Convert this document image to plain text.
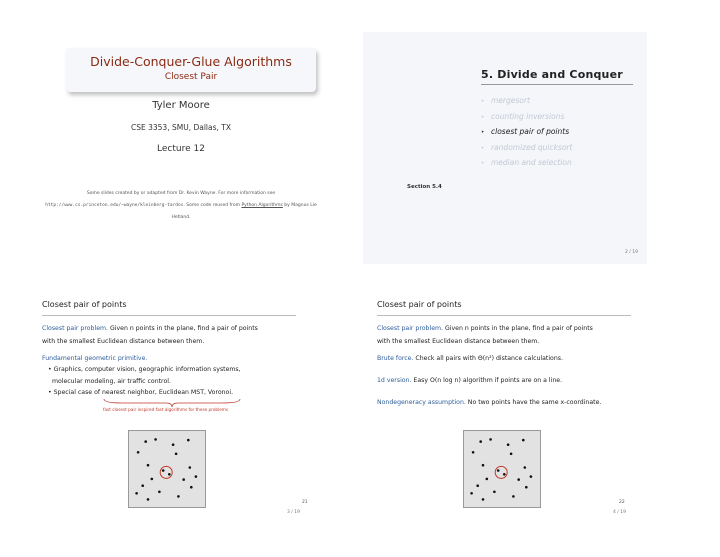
Divide-Conquer-Glue Algorithms
Closest Pair
Tyler Moore
CSE 3353, SMU, Dallas, TX
Lecture 12
Some slides created by or adapted from Dr. Kevin Wayne. For more information see
http://www.cs.princeton.edu/~wayne/kleinberg-tardos. Some code reused from Python Algorithms by Magnus Lie
Hetland.
5. Divide and Conquer
‣ mergesort
‣ counting inversions
‣ closest pair of points
‣ randomized quicksort
‣ median and selection
Section 5.4
2 / 19
Closest pair of points
Closest pair problem. Given n points in the plane, find a pair of points
with the smallest Euclidean distance between them.
Fundamental geometric primitive.
• Graphics, computer vision, geographic information systems,
molecular modeling, air traffic control.
• Special case of nearest neighbor, Euclidean MST, Voronoi.
fast closest pair inspired fast algorithms for these problems
21
3 / 19
Closest pair of points
Closest pair problem. Given n points in the plane, find a pair of points
with the smallest Euclidean distance between them.
Brute force. Check all pairs with Θ(n²) distance calculations.
1d version. Easy O(n log n) algorithm if points are on a line.
Nondegeneracy assumption. No two points have the same x-coordinate.
22
4 / 19
